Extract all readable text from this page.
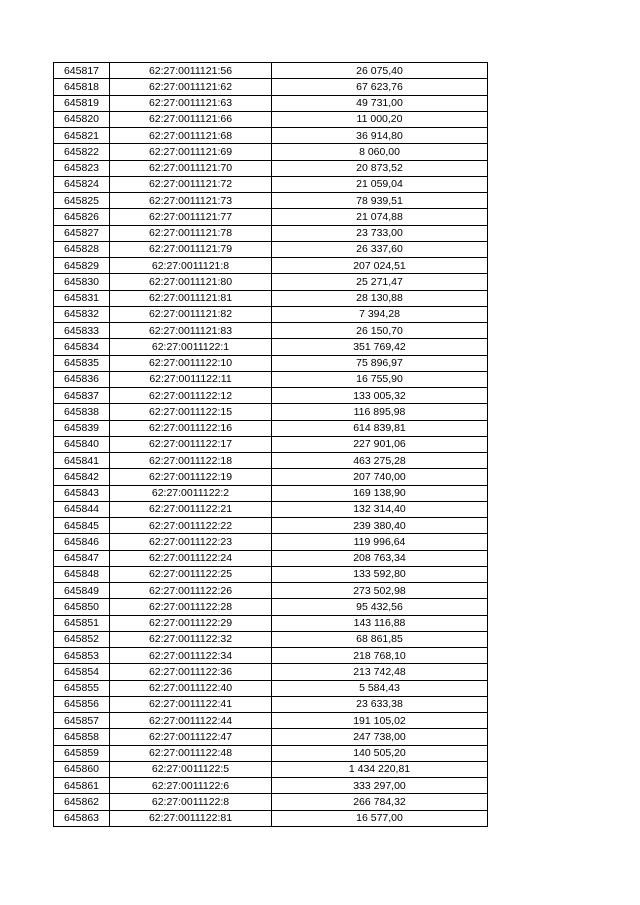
645817	62:27:0011121:56	26 075,40
645818	62:27:0011121:62	67 623,76
645819	62:27:0011121:63	49 731,00
645820	62:27:0011121:66	11 000,20
645821	62:27:0011121:68	36 914,80
645822	62:27:0011121:69	8 060,00
645823	62:27:0011121:70	20 873,52
645824	62:27:0011121:72	21 059,04
645825	62:27:0011121:73	78 939,51
645826	62:27:0011121:77	21 074,88
645827	62:27:0011121:78	23 733,00
645828	62:27:0011121:79	26 337,60
645829	62:27:0011121:8	207 024,51
645830	62:27:0011121:80	25 271,47
645831	62:27:0011121:81	28 130,88
645832	62:27:0011121:82	7 394,28
645833	62:27:0011121:83	26 150,70
645834	62:27:0011122:1	351 769,42
645835	62:27:0011122:10	75 896,97
645836	62:27:0011122:11	16 755,90
645837	62:27:0011122:12	133 005,32
645838	62:27:0011122:15	116 895,98
645839	62:27:0011122:16	614 839,81
645840	62:27:0011122:17	227 901,06
645841	62:27:0011122:18	463 275,28
645842	62:27:0011122:19	207 740,00
645843	62:27:0011122:2	169 138,90
645844	62:27:0011122:21	132 314,40
645845	62:27:0011122:22	239 380,40
645846	62:27:0011122:23	119 996,64
645847	62:27:0011122:24	208 763,34
645848	62:27:0011122:25	133 592,80
645849	62:27:0011122:26	273 502,98
645850	62:27:0011122:28	95 432,56
645851	62:27:0011122:29	143 116,88
645852	62:27:0011122:32	68 861,85
645853	62:27:0011122:34	218 768,10
645854	62:27:0011122:36	213 742,48
645855	62:27:0011122:40	5 584,43
645856	62:27:0011122:41	23 633,38
645857	62:27:0011122:44	191 105,02
645858	62:27:0011122:47	247 738,00
645859	62:27:0011122:48	140 505,20
645860	62:27:0011122:5	1 434 220,81
645861	62:27:0011122:6	333 297,00
645862	62:27:0011122:8	266 784,32
645863	62:27:0011122:81	16 577,00
